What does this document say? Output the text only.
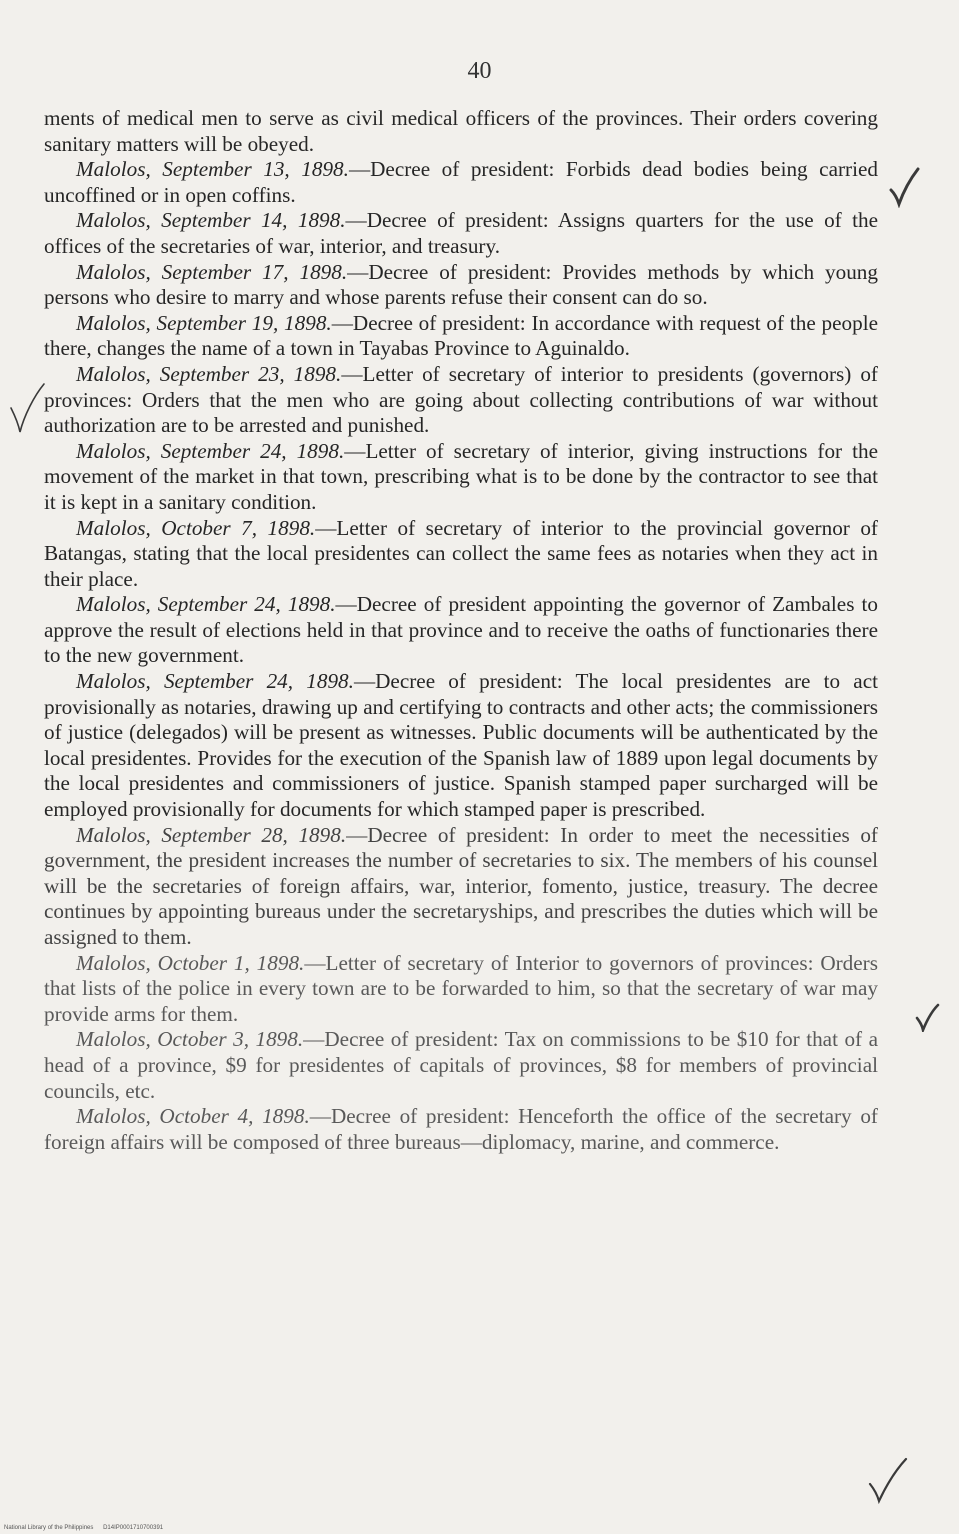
40

ments of medical men to serve as civil medical officers of the provinces. Their orders covering sanitary matters will be obeyed.

Malolos, September 13, 1898.—Decree of president: Forbids dead bodies being carried uncoffined or in open coffins.

Malolos, September 14, 1898.—Decree of president: Assigns quarters for the use of the offices of the secretaries of war, interior, and treasury.

Malolos, September 17, 1898.—Decree of president: Provides methods by which young persons who desire to marry and whose parents refuse their consent can do so.

Malolos, September 19, 1898.—Decree of president: In accordance with request of the people there, changes the name of a town in Tayabas Province to Aguinaldo.

Malolos, September 23, 1898.—Letter of secretary of interior to presidents (governors) of provinces: Orders that the men who are going about collecting contributions of war without authorization are to be arrested and punished.

Malolos, September 24, 1898.—Letter of secretary of interior, giving instructions for the movement of the market in that town, prescribing what is to be done by the contractor to see that it is kept in a sanitary condition.

Malolos, October 7, 1898.—Letter of secretary of interior to the provincial governor of Batangas, stating that the local presidentes can collect the same fees as notaries when they act in their place.

Malolos, September 24, 1898.—Decree of president appointing the governor of Zambales to approve the result of elections held in that province and to receive the oaths of functionaries there to the new government.

Malolos, September 24, 1898.—Decree of president: The local presidentes are to act provisionally as notaries, drawing up and certifying to contracts and other acts; the commissioners of justice (delegados) will be present as witnesses. Public documents will be authenticated by the local presidentes. Provides for the execution of the Spanish law of 1889 upon legal documents by the local presidentes and commissioners of justice. Spanish stamped paper surcharged will be employed provisionally for documents for which stamped paper is prescribed.

Malolos, September 28, 1898.—Decree of president: In order to meet the necessities of government, the president increases the number of secretaries to six. The members of his counsel will be the secretaries of foreign affairs, war, interior, fomento, justice, treasury. The decree continues by appointing bureaus under the secretaryships, and prescribes the duties which will be assigned to them.

Malolos, October 1, 1898.—Letter of secretary of Interior to governors of provinces: Orders that lists of the police in every town are to be forwarded to him, so that the secretary of war may provide arms for them.

Malolos, October 3, 1898.—Decree of president: Tax on commissions to be $10 for that of a head of a province, $9 for presidentes of capitals of provinces, $8 for members of provincial councils, etc.

Malolos, October 4, 1898.—Decree of president: Henceforth the office of the secretary of foreign affairs will be composed of three bureaus—diplomacy, marine, and commerce.

National Library of the Philippines D14IP0001710700391
